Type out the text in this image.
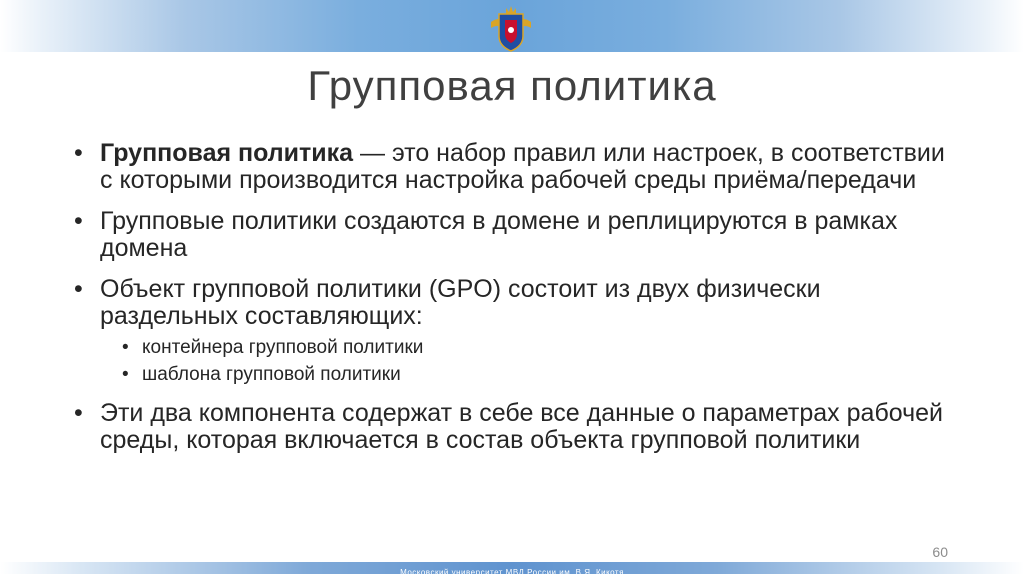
Групповая политика
• Групповая политика — это набор правил или настроек, в соответствии с которыми производится настройка рабочей среды приёма/передачи
• Групповые политики создаются в домене и реплицируются в рамках домена
• Объект групповой политики (GPO) состоит из двух физически раздельных составляющих:
• контейнера групповой политики
• шаблона групповой политики
• Эти два компонента содержат в себе все данные о параметрах рабочей среды, которая включается в состав объекта групповой политики
60
Московский университет МВД России им. В.Я. Кикотя
